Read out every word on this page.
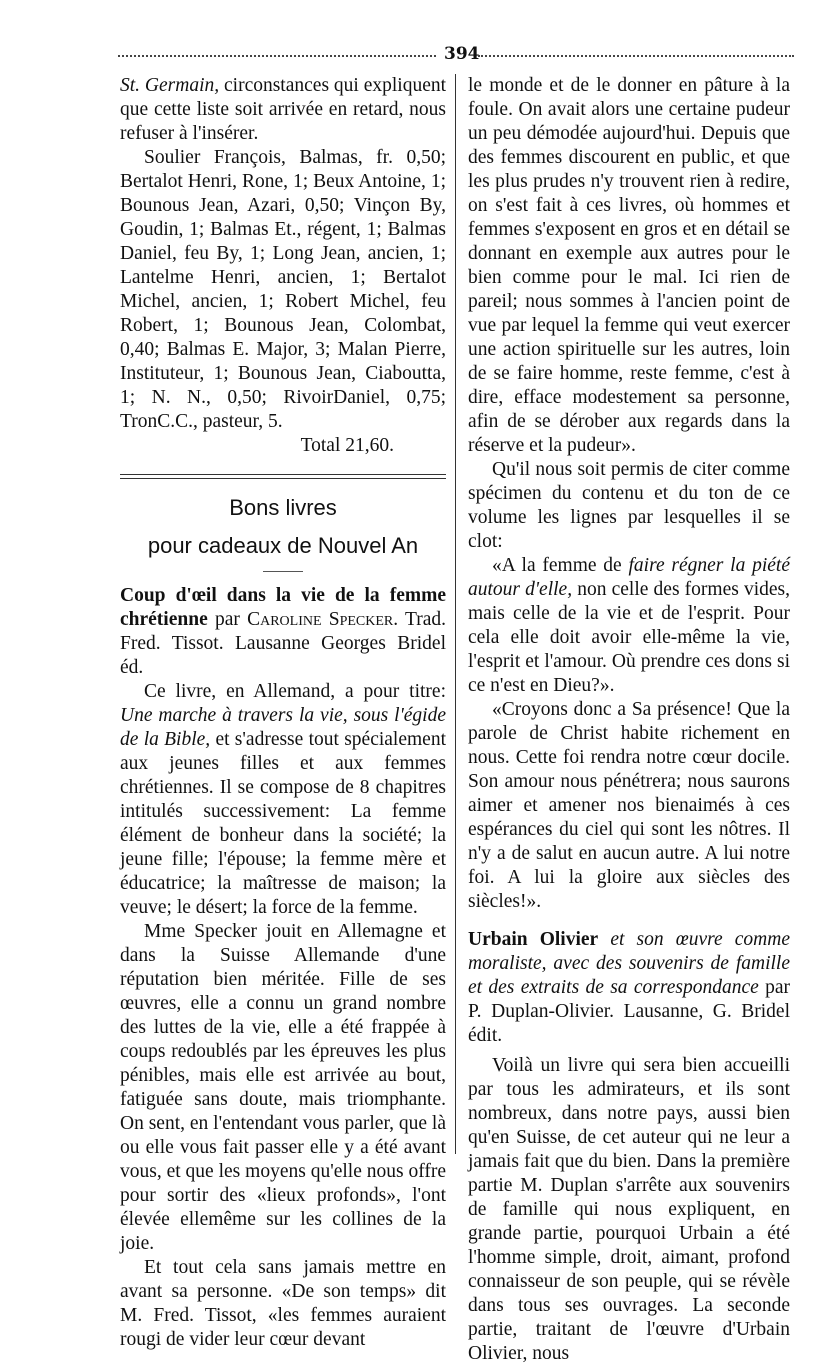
394

St. Germain, circonstances qui expliquent que cette liste soit arrivée en retard, nous refuser à l'insérer.

Soulier François, Balmas, fr. 0,50; Bertalot Henri, Rone, 1; Beux Antoine, 1; Bounous Jean, Azari, 0,50; Vinçon By, Goudin, 1; Balmas Et., régent, 1; Balmas Daniel, feu By, 1; Long Jean, ancien, 1; Lantelme Henri, ancien, 1; Bertalot Michel, ancien, 1; Robert Michel, feu Robert, 1; Bounous Jean, Colombat, 0,40; Balmas E. Major, 3; Malan Pierre, Instituteur, 1; Bounous Jean, Ciaboutta, 1; N. N., 0,50; RivoirDaniel, 0,75; TronC.C., pasteur, 5.

Total 21,60.

Bons livres
pour cadeaux de Nouvel An

Coup d'œil dans la vie de la femme chrétienne par Caroline Specker. Trad. Fred. Tissot. Lausanne Georges Bridel éd.

Ce livre, en Allemand, a pour titre: Une marche à travers la vie, sous l'égide de la Bible, et s'adresse tout spécialement aux jeunes filles et aux femmes chrétiennes. Il se compose de 8 chapitres intitulés successivement: La femme élément de bonheur dans la société; la jeune fille; l'épouse; la femme mère et éducatrice; la maîtresse de maison; la veuve; le désert; la force de la femme.

Mme Specker jouit en Allemagne et dans la Suisse Allemande d'une réputation bien méritée. Fille de ses œuvres, elle a connu un grand nombre des luttes de la vie, elle a été frappée à coups redoublés par les épreuves les plus pénibles, mais elle est arrivée au bout, fatiguée sans doute, mais triomphante. On sent, en l'entendant vous parler, que là ou elle vous fait passer elle y a été avant vous, et que les moyens qu'elle nous offre pour sortir des «lieux profonds», l'ont élevée ellemême sur les collines de la joie.

Et tout cela sans jamais mettre en avant sa personne. «De son temps» dit M. Fred. Tissot, «les femmes auraient rougi de vider leur cœur devant

le monde et de le donner en pâture à la foule. On avait alors une certaine pudeur un peu démodée aujourd'hui. Depuis que des femmes discourent en public, et que les plus prudes n'y trouvent rien à redire, on s'est fait à ces livres, où hommes et femmes s'exposent en gros et en détail se donnant en exemple aux autres pour le bien comme pour le mal. Ici rien de pareil; nous sommes à l'ancien point de vue par lequel la femme qui veut exercer une action spirituelle sur les autres, loin de se faire homme, reste femme, c'est à dire, efface modestement sa personne, afin de se dérober aux regards dans la réserve et la pudeur».

Qu'il nous soit permis de citer comme spécimen du contenu et du ton de ce volume les lignes par lesquelles il se clot:

«A la femme de faire régner la piété autour d'elle, non celle des formes vides, mais celle de la vie et de l'esprit. Pour cela elle doit avoir elle-même la vie, l'esprit et l'amour. Où prendre ces dons si ce n'est en Dieu?».

«Croyons donc a Sa présence! Que la parole de Christ habite richement en nous. Cette foi rendra notre cœur docile. Son amour nous pénétrera; nous saurons aimer et amener nos bienaimés à ces espérances du ciel qui sont les nôtres. Il n'y a de salut en aucun autre. A lui notre foi. A lui la gloire aux siècles des siècles!».

Urbain Olivier et son œuvre comme moraliste, avec des souvenirs de famille et des extraits de sa correspondance par P. Duplan-Olivier. Lausanne, G. Bridel édit.

Voilà un livre qui sera bien accueilli par tous les admirateurs, et ils sont nombreux, dans notre pays, aussi bien qu'en Suisse, de cet auteur qui ne leur a jamais fait que du bien. Dans la première partie M. Duplan s'arrête aux souvenirs de famille qui nous expliquent, en grande partie, pourquoi Urbain a été l'homme simple, droit, aimant, profond connaisseur de son peuple, qui se révèle dans tous ses ouvrages. La seconde partie, traitant de l'œuvre d'Urbain Olivier, nous
